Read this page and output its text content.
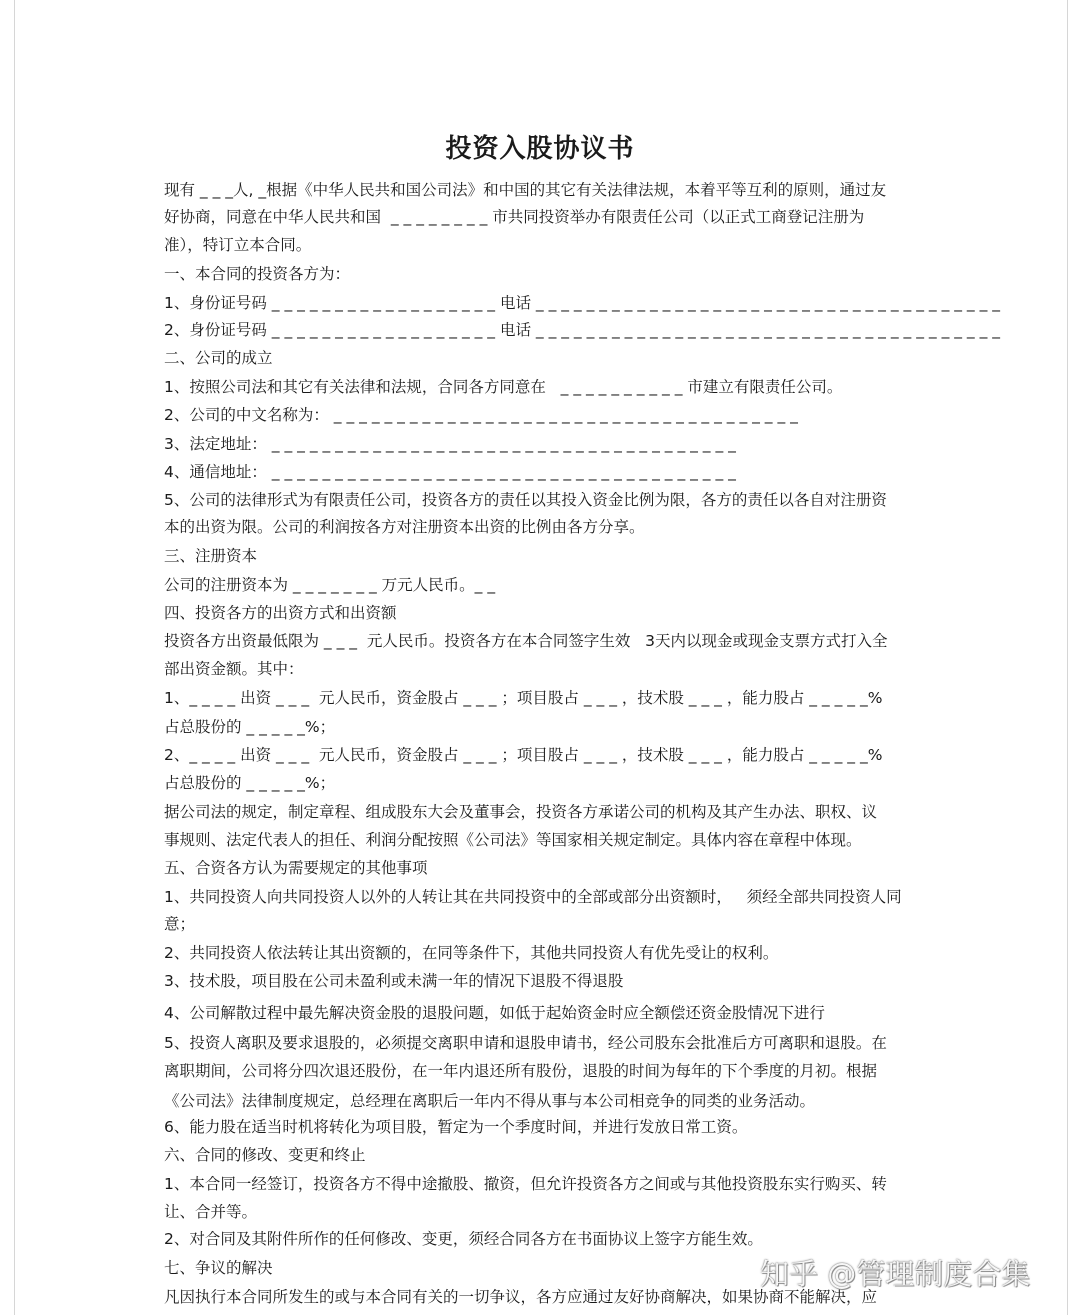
投资入股协议书
现有 _ _ _人, _根据《中华人民共和国公司法》和中国的其它有关法律法规，本着平等互利的原则，通过友
好协商，同意在中华人民共和国  _ _ _ _ _ _ _ _ 市共同投资举办有限责任公司（以正式工商登记注册为
准），特订立本合同。
一、本合同的投资各方为：
1、身份证号码 _ _ _ _ _ _ _ _ _ _ _ _ _ _ _ _ _ _ 电话 _ _ _ _ _ _ _ _ _ _ _ _ _ _ _ _ _ _ _ _ _ _ _ _ _ _ _ _ _ _ _ _ _ _ _ _ _
2、身份证号码 _ _ _ _ _ _ _ _ _ _ _ _ _ _ _ _ _ _ 电话 _ _ _ _ _ _ _ _ _ _ _ _ _ _ _ _ _ _ _ _ _ _ _ _ _ _ _ _ _ _ _ _ _ _ _ _ _
二、公司的成立
1、按照公司法和其它有关法律和法规，合同各方同意在   _ _ _ _ _ _ _ _ _ _ 市建立有限责任公司。
2、公司的中文名称为： _ _ _ _ _ _ _ _ _ _ _ _ _ _ _ _ _ _ _ _ _ _ _ _ _ _ _ _ _ _ _ _ _ _ _ _ _
3、法定地址： _ _ _ _ _ _ _ _ _ _ _ _ _ _ _ _ _ _ _ _ _ _ _ _ _ _ _ _ _ _ _ _ _ _ _ _ _
4、通信地址： _ _ _ _ _ _ _ _ _ _ _ _ _ _ _ _ _ _ _ _ _ _ _ _ _ _ _ _ _ _ _ _ _ _ _ _ _
5、公司的法律形式为有限责任公司，投资各方的责任以其投入资金比例为限，各方的责任以各自对注册资
本的出资为限。公司的利润按各方对注册资本出资的比例由各方分享。
三、注册资本
公司的注册资本为 _ _ _ _ _ _ _ 万元人民币。_ _
四、投资各方的出资方式和出资额
投资各方出资最低限为 _ _ _  元人民币。投资各方在本合同签字生效   3天内以现金或现金支票方式打入全
部出资金额。其中：
1、_ _ _ _ 出资 _ _ _  元人民币，资金股占 _ _ _ ；项目股占 _ _ _ ，技术股 _ _ _ ，能力股占 _ _ _ _ _%
占总股份的 _ _ _ _ _%；
2、_ _ _ _ 出资 _ _ _  元人民币，资金股占 _ _ _ ；项目股占 _ _ _ ，技术股 _ _ _ ，能力股占 _ _ _ _ _%
占总股份的 _ _ _ _ _%；
据公司法的规定，制定章程、组成股东大会及董事会，投资各方承诺公司的机构及其产生办法、职权、议
事规则、法定代表人的担任、利润分配按照《公司法》等国家相关规定制定。具体内容在章程中体现。
五、合资各方认为需要规定的其他事项
1、共同投资人向共同投资人以外的人转让其在共同投资中的全部或部分出资额时，   须经全部共同投资人同
意；
2、共同投资人依法转让其出资额的，在同等条件下，其他共同投资人有优先受让的权利。
3、技术股，项目股在公司未盈利或未满一年的情况下退股不得退股
4、公司解散过程中最先解决资金股的退股问题，如低于起始资金时应全额偿还资金股情况下进行
5、投资人离职及要求退股的，必须提交离职申请和退股申请书，经公司股东会批准后方可离职和退股。在
离职期间，公司将分四次退还股份，在一年内退还所有股份，退股的时间为每年的下个季度的月初。根据
《公司法》法律制度规定，总经理在离职后一年内不得从事与本公司相竞争的同类的业务活动。
6、能力股在适当时机将转化为项目股，暂定为一个季度时间，并进行发放日常工资。
六、合同的修改、变更和终止
1、本合同一经签订，投资各方不得中途撤股、撤资，但允许投资各方之间或与其他投资股东实行购买、转
让、合并等。
2、对合同及其附件所作的任何修改、变更，须经合同各方在书面协议上签字方能生效。
七、争议的解决
凡因执行本合同所发生的或与本合同有关的一切争议，各方应通过友好协商解决，如果协商不能解决，应
知乎 @管理制度合集
